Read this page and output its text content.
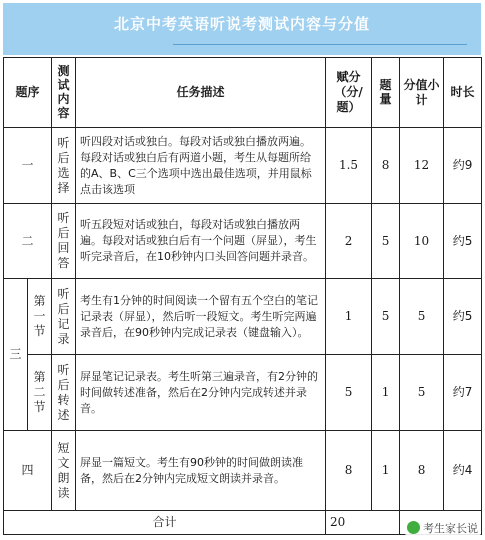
北京中考英语听说考测试内容与分值
题序		测试内容	任务描述	赋分（分/题）	题量	分值小计	时长
一		听后选择	听四段对话或独白。每段对话或独白播放两遍。每段对话或独白后有两道小题，考生从每题所给的A、B、C三个选项中选出最佳选项，并用鼠标点击该选项	1.5	8	12	约9
二		听后回答	听五段短对话或独白，每段对话或独白播放两遍。每段对话或独白后有一个问题（屏显），考生听完录音后，在10秒钟内口头回答问题并录音。	2	5	10	约5
三	第一节	听后记录	考生有1分钟的时间阅读一个留有五个空白的笔记记录表（屏显），然后听一段短文。考生听完两遍录音后，在90秒钟内完成记录表（键盘输入）。	1	5	5	约5
	第二节	听后转述	屏显笔记记录表。考生听第三遍录音，有2分钟的时间做转述准备，然后在2分钟内完成转述并录音。	5	1	5	约7
四		短文朗读	屏显一篇短文。考生有90秒钟的时间做朗读准备，然后在2分钟内完成短文朗读并录音。	8	1	8	约4
合计				20				考生家长说
